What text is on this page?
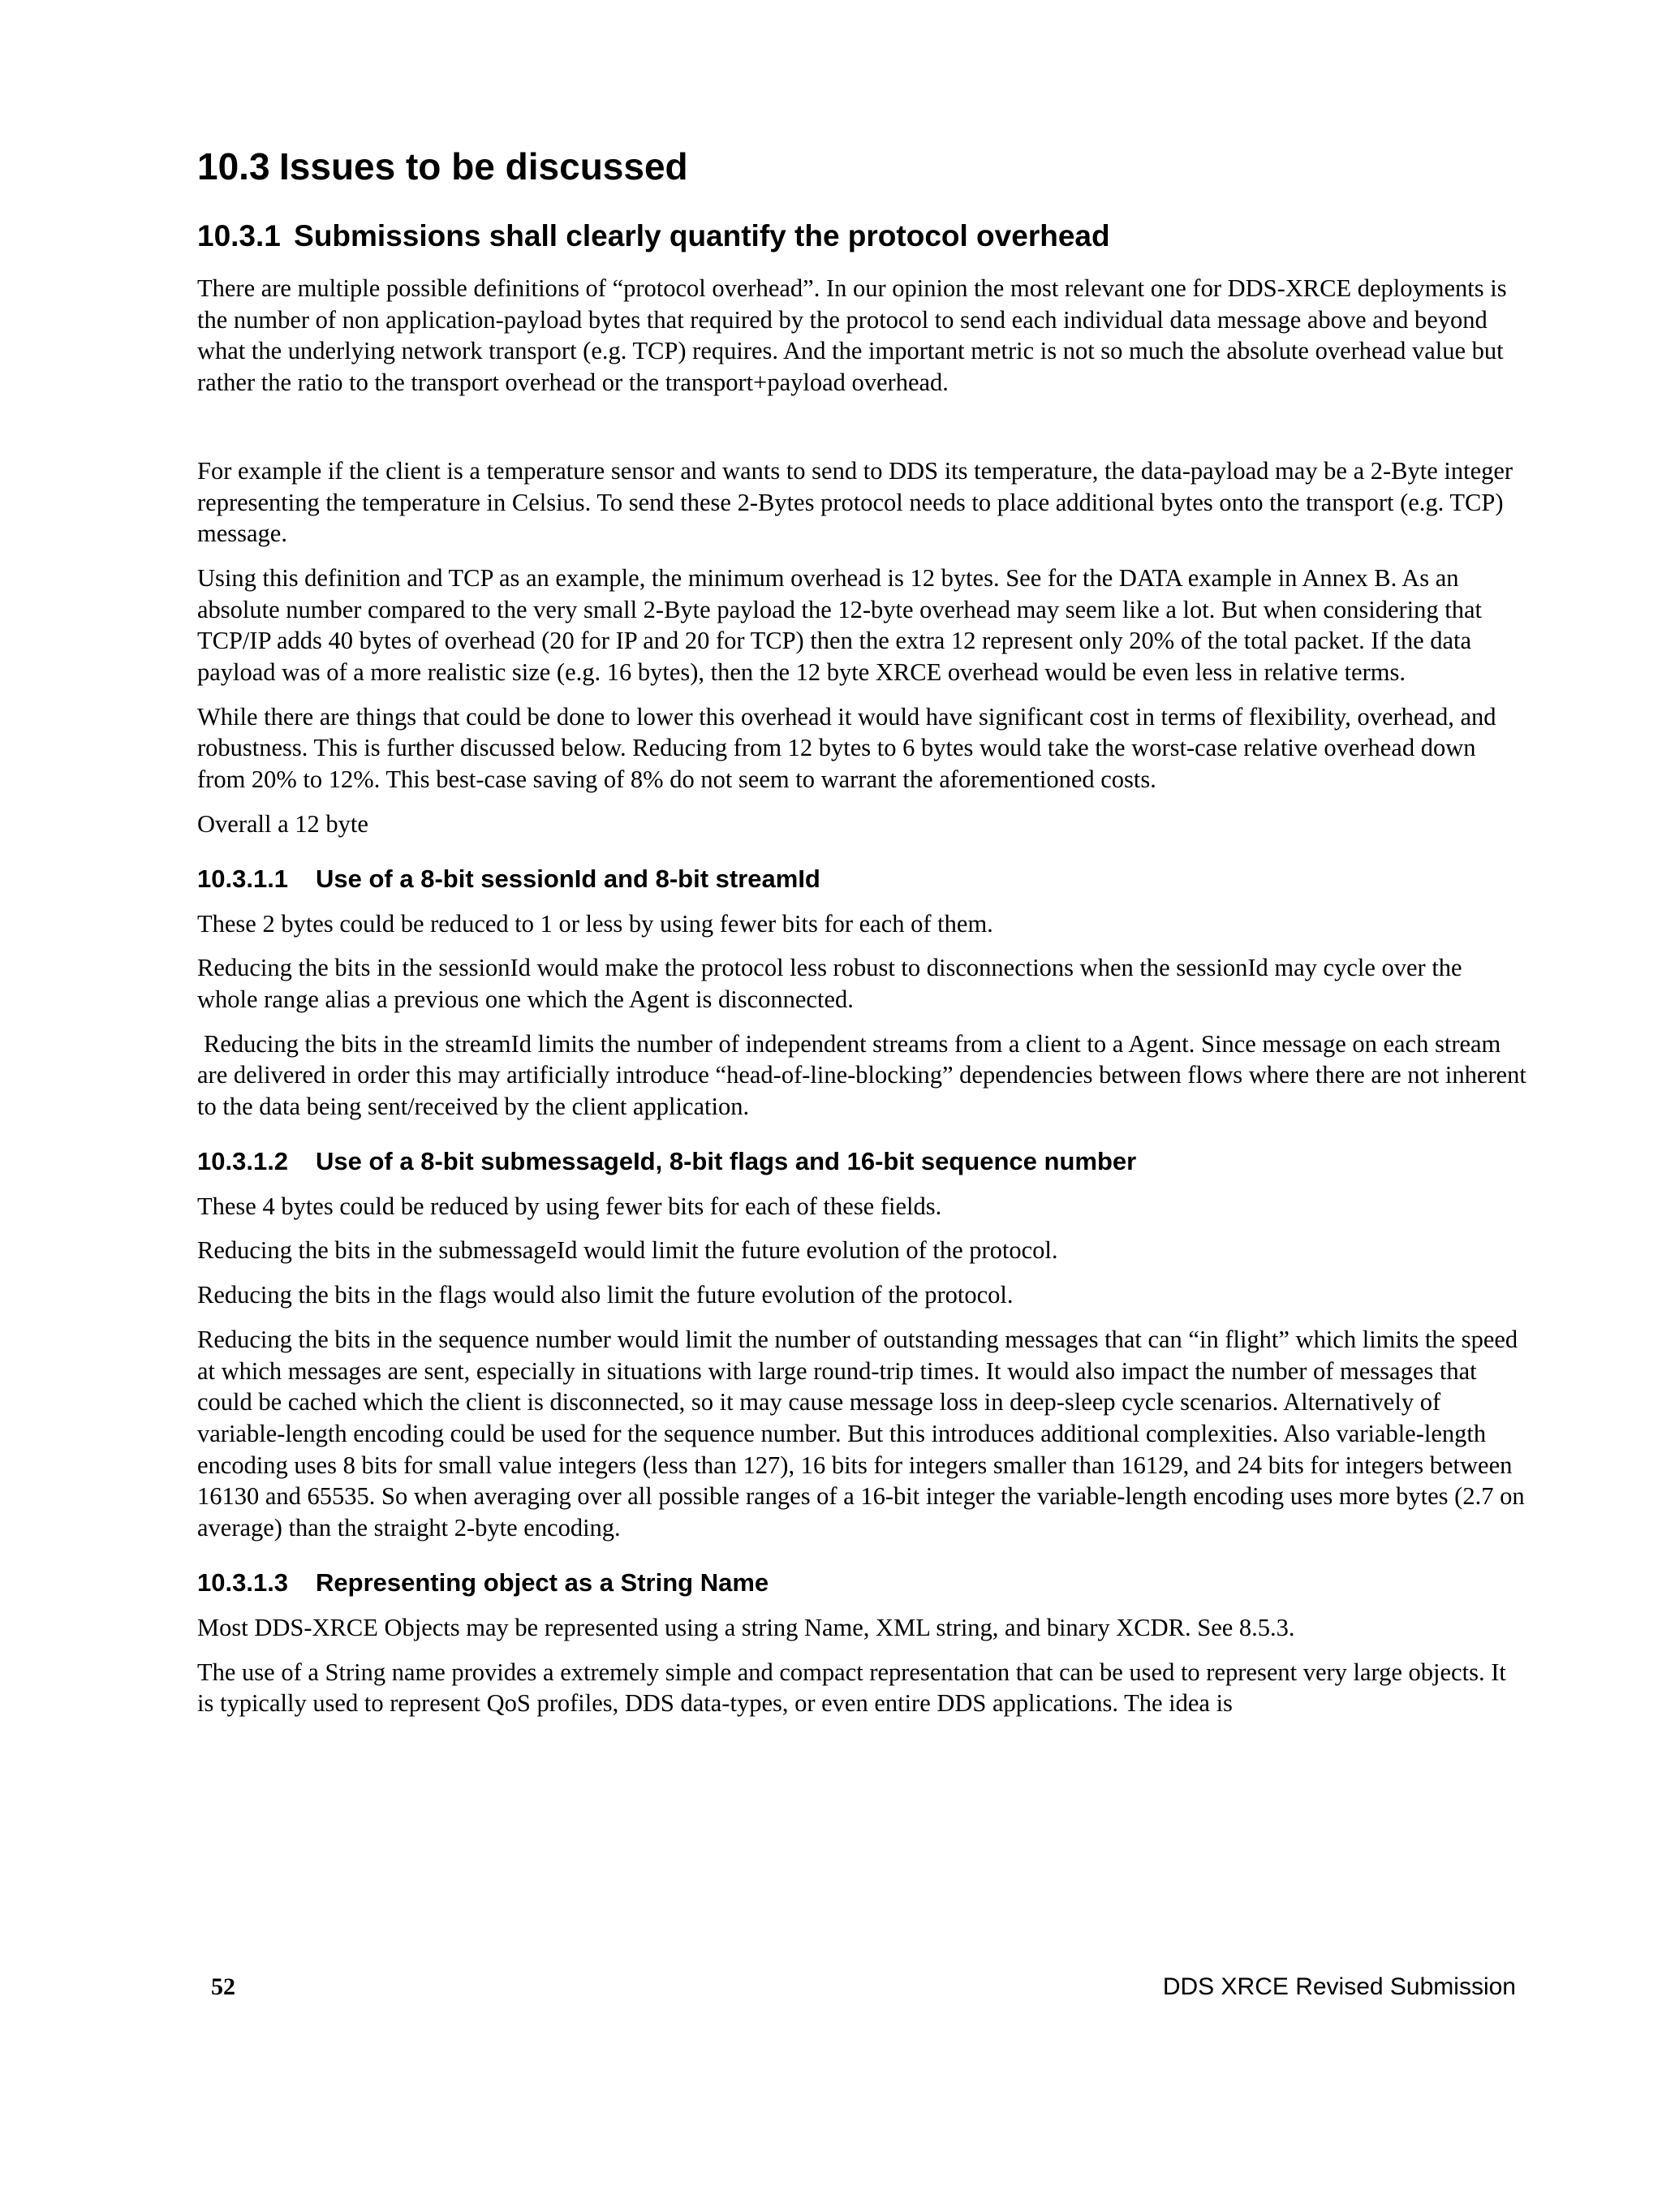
10.3 Issues to be discussed
10.3.1 Submissions shall clearly quantify the protocol overhead

There are multiple possible definitions of “protocol overhead”. In our opinion the most relevant one for DDS-XRCE deployments is the number of non application-payload bytes that required by the protocol to send each individual data message above and beyond what the underlying network transport (e.g. TCP) requires. And the important metric is not so much the absolute overhead value but rather the ratio to the transport overhead or the transport+payload overhead.

For example if the client is a temperature sensor and wants to send to DDS its temperature, the data-payload may be a 2-Byte integer representing the temperature in Celsius. To send these 2-Bytes protocol needs to place additional bytes onto the transport (e.g. TCP) message.

Using this definition and TCP as an example, the minimum overhead is 12 bytes. See for the DATA example in Annex B. As an absolute number compared to the very small 2-Byte payload the 12-byte overhead may seem like a lot. But when considering that TCP/IP adds 40 bytes of overhead (20 for IP and 20 for TCP) then the extra 12 represent only 20% of the total packet. If the data payload was of a more realistic size (e.g. 16 bytes), then the 12 byte XRCE overhead would be even less in relative terms.

While there are things that could be done to lower this overhead it would have significant cost in terms of flexibility, overhead, and robustness. This is further discussed below. Reducing from 12 bytes to 6 bytes would take the worst-case relative overhead down from 20% to 12%. This best-case saving of 8% do not seem to warrant the aforementioned costs.

Overall a 12 byte

10.3.1.1 Use of a 8-bit sessionId and 8-bit streamId

These 2 bytes could be reduced to 1 or less by using fewer bits for each of them.

Reducing the bits in the sessionId would make the protocol less robust to disconnections when the sessionId may cycle over the whole range alias a previous one which the Agent is disconnected.

Reducing the bits in the streamId limits the number of independent streams from a client to a Agent. Since message on each stream are delivered in order this may artificially introduce “head-of-line-blocking” dependencies between flows where there are not inherent to the data being sent/received by the client application.

10.3.1.2 Use of a 8-bit submessageId, 8-bit flags and 16-bit sequence number

These 4 bytes could be reduced by using fewer bits for each of these fields.

Reducing the bits in the submessageId would limit the future evolution of the protocol.

Reducing the bits in the flags would also limit the future evolution of the protocol.

Reducing the bits in the sequence number would limit the number of outstanding messages that can “in flight” which limits the speed at which messages are sent, especially in situations with large round-trip times. It would also impact the number of messages that could be cached which the client is disconnected, so it may cause message loss in deep-sleep cycle scenarios. Alternatively of variable-length encoding could be used for the sequence number. But this introduces additional complexities. Also variable-length encoding uses 8 bits for small value integers (less than 127), 16 bits for integers smaller than 16129, and 24 bits for integers between 16130 and 65535. So when averaging over all possible ranges of a 16-bit integer the variable-length encoding uses more bytes (2.7 on average) than the straight 2-byte encoding.

10.3.1.3 Representing object as a String Name

Most DDS-XRCE Objects may be represented using a string Name, XML string, and binary XCDR. See 8.5.3.

The use of a String name provides a extremely simple and compact representation that can be used to represent very large objects. It is typically used to represent QoS profiles, DDS data-types, or even entire DDS applications. The idea is

52	DDS XRCE Revised Submission
